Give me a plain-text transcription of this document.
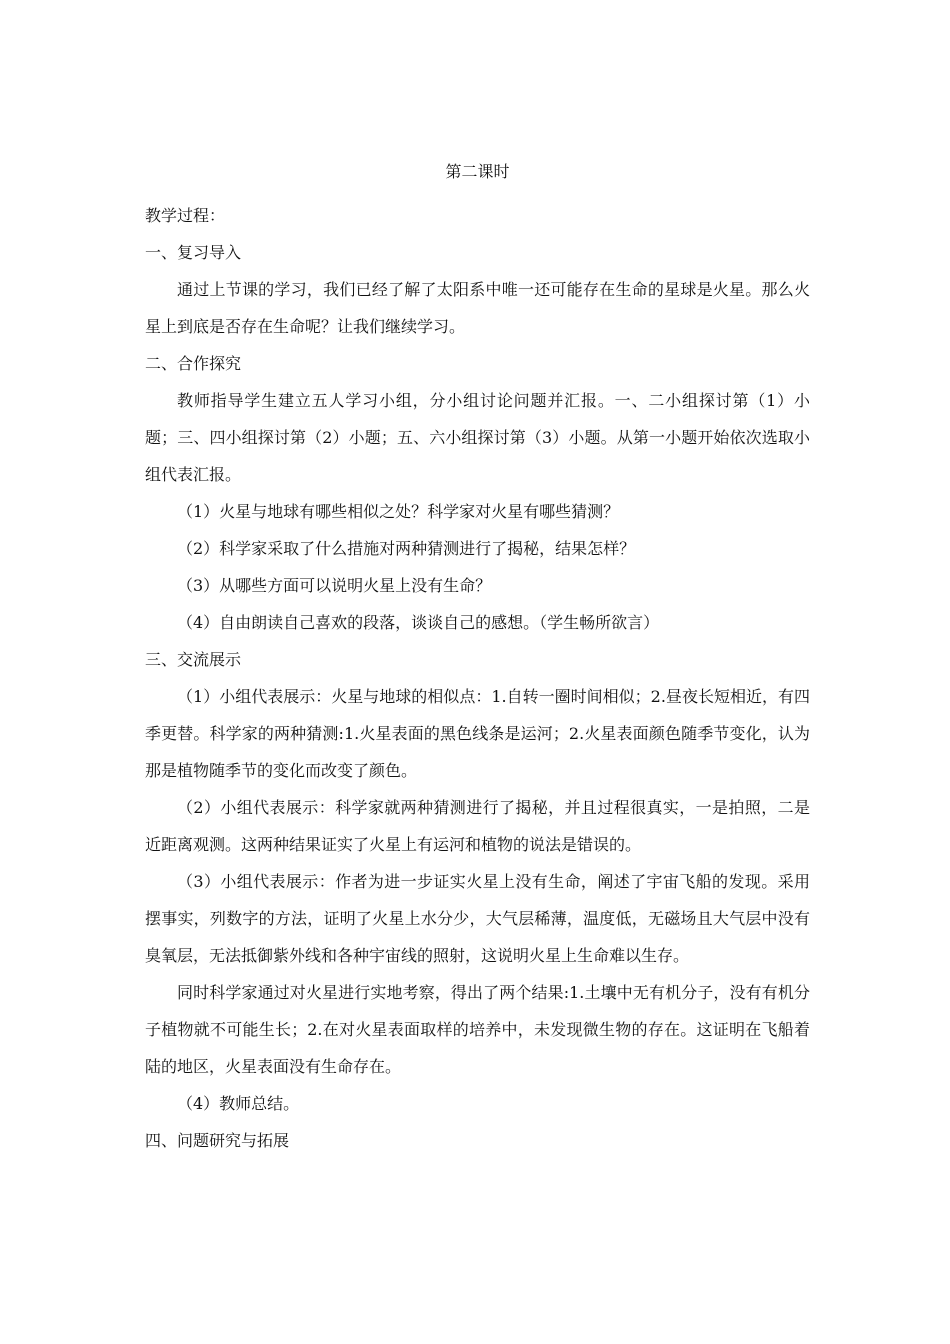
第二课时

教学过程：

一、复习导入

通过上节课的学习，我们已经了解了太阳系中唯一还可能存在生命的星球是火星。那么火星上到底是否存在生命呢？让我们继续学习。

二、合作探究

教师指导学生建立五人学习小组，分小组讨论问题并汇报。一、二小组探讨第（1）小题；三、四小组探讨第（2）小题；五、六小组探讨第（3）小题。从第一小题开始依次选取小组代表汇报。

（1）火星与地球有哪些相似之处？科学家对火星有哪些猜测？

（2）科学家采取了什么措施对两种猜测进行了揭秘，结果怎样？

（3）从哪些方面可以说明火星上没有生命？

（4）自由朗读自己喜欢的段落，谈谈自己的感想。（学生畅所欲言）

三、交流展示

（1）小组代表展示：火星与地球的相似点：1.自转一圈时间相似；2.昼夜长短相近，有四季更替。科学家的两种猜测:1.火星表面的黑色线条是运河；2.火星表面颜色随季节变化，认为那是植物随季节的变化而改变了颜色。

（2）小组代表展示：科学家就两种猜测进行了揭秘，并且过程很真实，一是拍照，二是近距离观测。这两种结果证实了火星上有运河和植物的说法是错误的。

（3）小组代表展示：作者为进一步证实火星上没有生命，阐述了宇宙飞船的发现。采用摆事实，列数字的方法，证明了火星上水分少，大气层稀薄，温度低，无磁场且大气层中没有臭氧层，无法抵御紫外线和各种宇宙线的照射，这说明火星上生命难以生存。

同时科学家通过对火星进行实地考察，得出了两个结果:1.土壤中无有机分子，没有有机分子植物就不可能生长；2.在对火星表面取样的培养中，未发现微生物的存在。这证明在飞船着陆的地区，火星表面没有生命存在。

（4）教师总结。

四、问题研究与拓展
